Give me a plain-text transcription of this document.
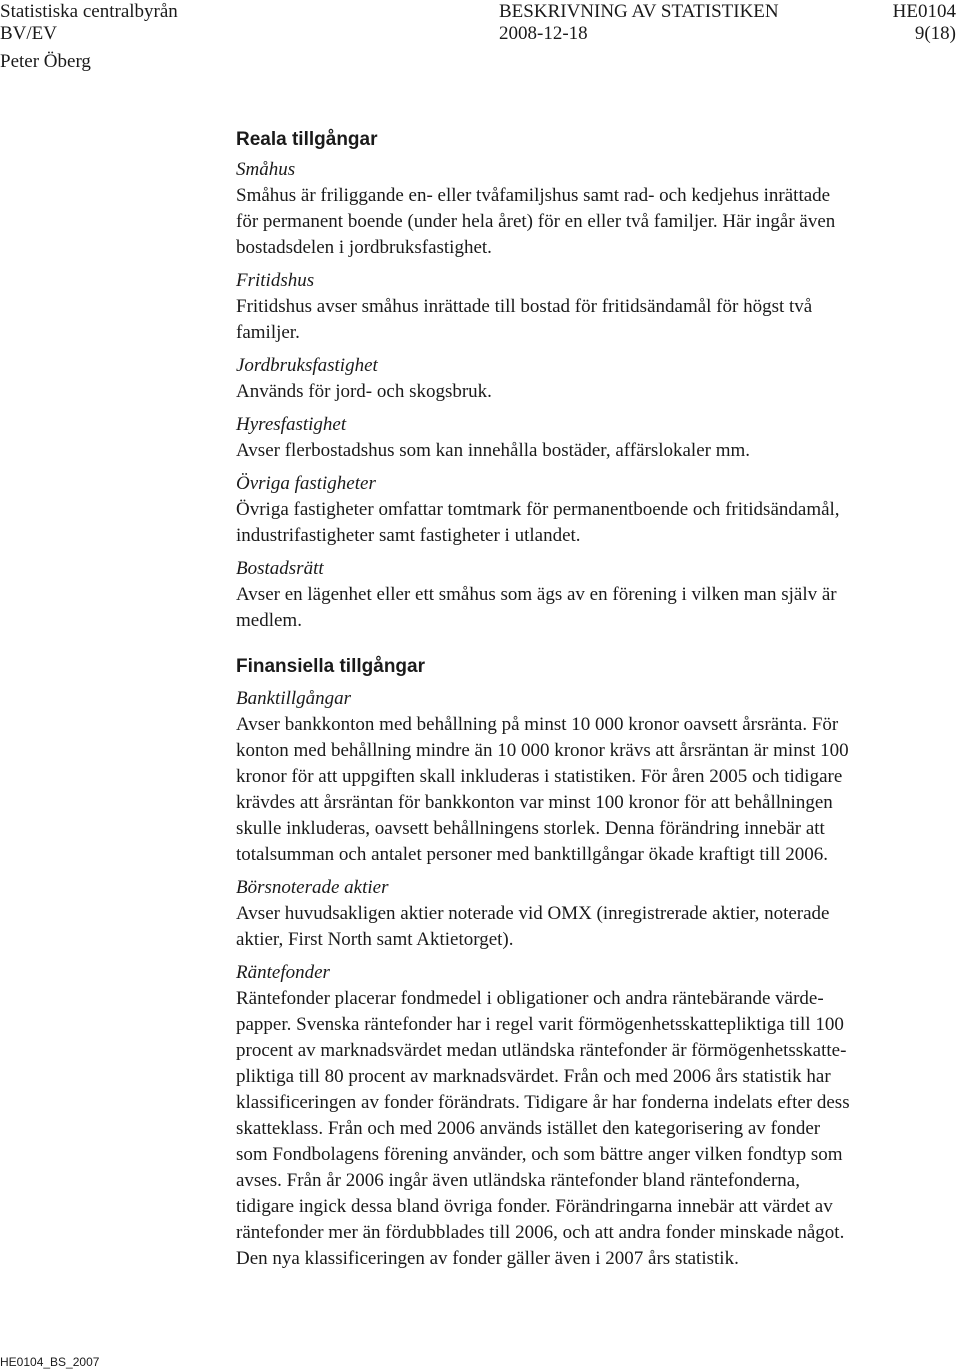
Statistiska centralbyrån	BESKRIVNING AV STATISTIKEN	HE0104
BV/EV	2008-12-18	9(18)
Peter Öberg
Reala tillgångar
Småhus
Småhus är friliggande en- eller tvåfamiljshus samt rad- och kedjehus inrättade
för permanent boende (under hela året) för en eller två familjer. Här ingår även
bostadsdelen i jordbruksfastighet.
Fritidshus
Fritidshus avser småhus inrättade till bostad för fritidsändamål för högst två
familjer.
Jordbruksfastighet
Används för jord- och skogsbruk.
Hyresfastighet
Avser flerbostadshus som kan innehålla bostäder, affärslokaler mm.
Övriga fastigheter
Övriga fastigheter omfattar tomtmark för permanentboende och fritidsändamål,
industrifastigheter samt fastigheter i utlandet.
Bostadsrätt
Avser en lägenhet eller ett småhus som ägs av en förening i vilken man själv är
medlem.
Finansiella tillgångar
Banktillgångar
Avser bankkonton med behållning på minst 10 000 kronor oavsett årsränta. För
konton med behållning mindre än 10 000 kronor krävs att årsräntan är minst 100
kronor för att uppgiften skall inkluderas i statistiken. För åren 2005 och tidigare
krävdes att årsräntan för bankkonton var minst 100 kronor för att behållningen
skulle inkluderas, oavsett behållningens storlek. Denna förändring innebär att
totalsumman och antalet personer med banktillgångar ökade kraftigt till 2006.
Börsnoterade aktier
Avser huvudsakligen aktier noterade vid OMX (inregistrerade aktier, noterade
aktier, First North samt Aktietorget).
Räntefonder
Räntefonder placerar fondmedel i obligationer och andra räntebärande värde-
papper. Svenska räntefonder har i regel varit förmögenhetsskattepliktiga till 100
procent av marknadsvärdet medan utländska räntefonder är förmögenhetsskatte-
pliktiga till 80 procent av marknadsvärdet. Från och med 2006 års statistik har
klassificeringen av fonder förändrats. Tidigare år har fonderna indelats efter dess
skatteklass. Från och med 2006 används istället den kategorisering av fonder
som Fondbolagens förening använder, och som bättre anger vilken fondtyp som
avses. Från år 2006 ingår även utländska räntefonder bland räntefonderna,
tidigare ingick dessa bland övriga fonder. Förändringarna innebär att värdet av
räntefonder mer än fördubblades till 2006, och att andra fonder minskade något.
Den nya klassificeringen av fonder gäller även i 2007 års statistik.
HE0104_BS_2007
